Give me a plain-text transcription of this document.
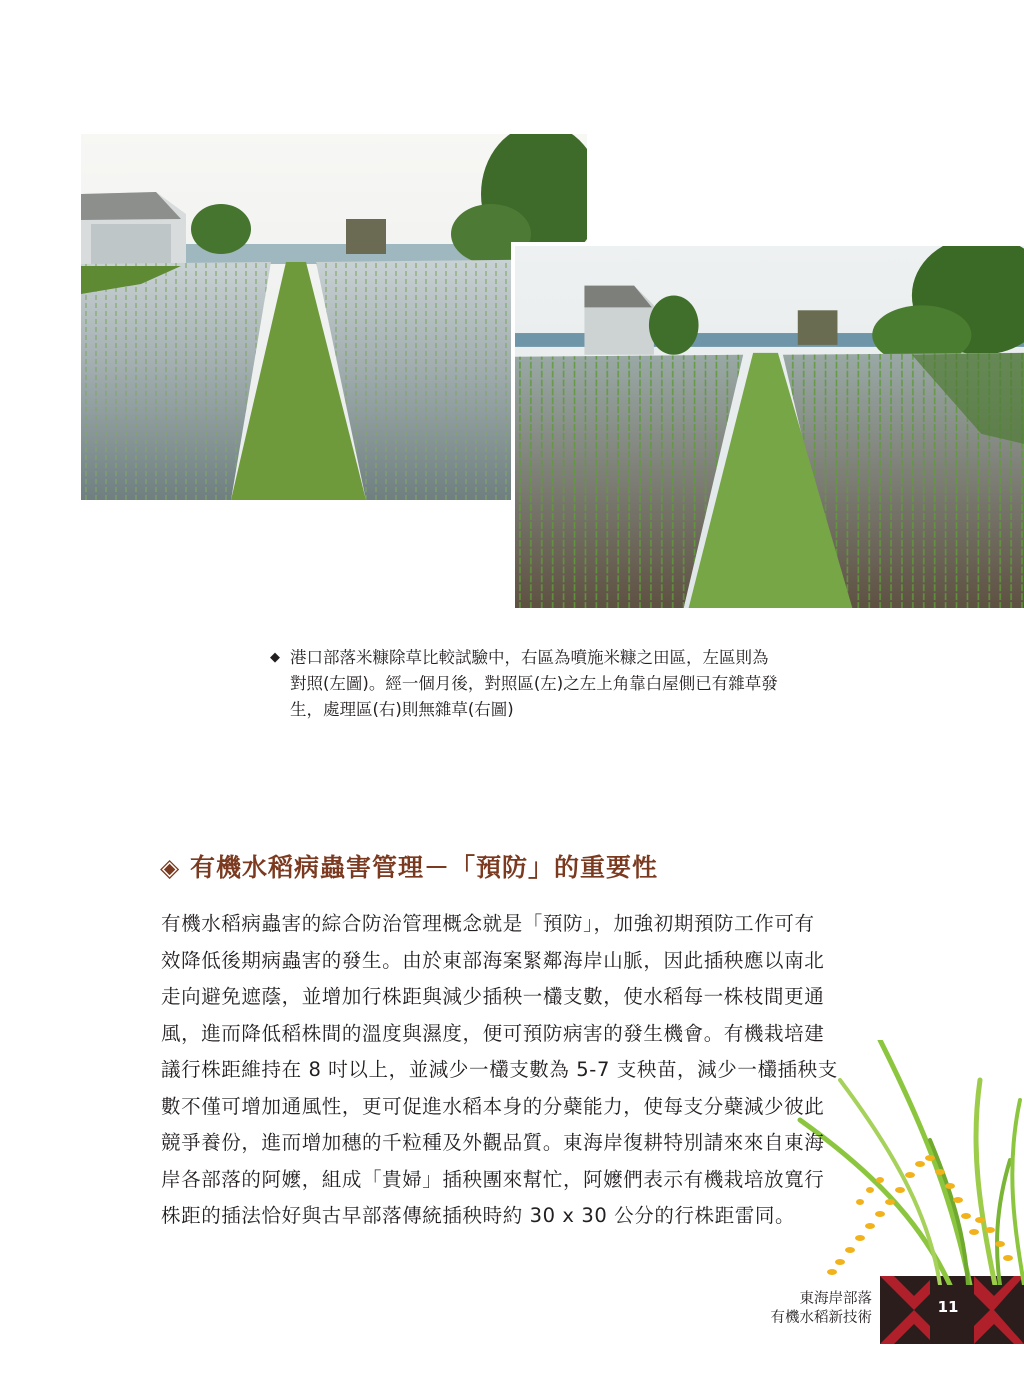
◆ 港口部落米糠除草比較試驗中，右區為噴施米糠之田區，左區則為
對照(左圖)。經一個月後，對照區(左)之左上角靠白屋側已有雜草發
生，處理區(右)則無雜草(右圖)
◈ 有機水稻病蟲害管理－「預防」的重要性
有機水稻病蟲害的綜合防治管理概念就是「預防」，加強初期預防工作可有
效降低後期病蟲害的發生。由於東部海案緊鄰海岸山脈，因此插秧應以南北
走向避免遮蔭，並增加行株距與減少插秧一欉支數，使水稻每一株枝間更通
風，進而降低稻株間的溫度與濕度，便可預防病害的發生機會。有機栽培建
議行株距維持在 8 吋以上，並減少一欉支數為 5-7 支秧苗，減少一欉插秧支
數不僅可增加通風性，更可促進水稻本身的分蘗能力，使每支分蘗減少彼此
競爭養份，進而增加穗的千粒種及外觀品質。東海岸復耕特別請來來自東海
岸各部落的阿嬤，組成「貴婦」插秧團來幫忙，阿嬤們表示有機栽培放寬行
株距的插法恰好與古早部落傳統插秧時約 30 x 30 公分的行株距雷同。
東海岸部落
有機水稻新技術
11
